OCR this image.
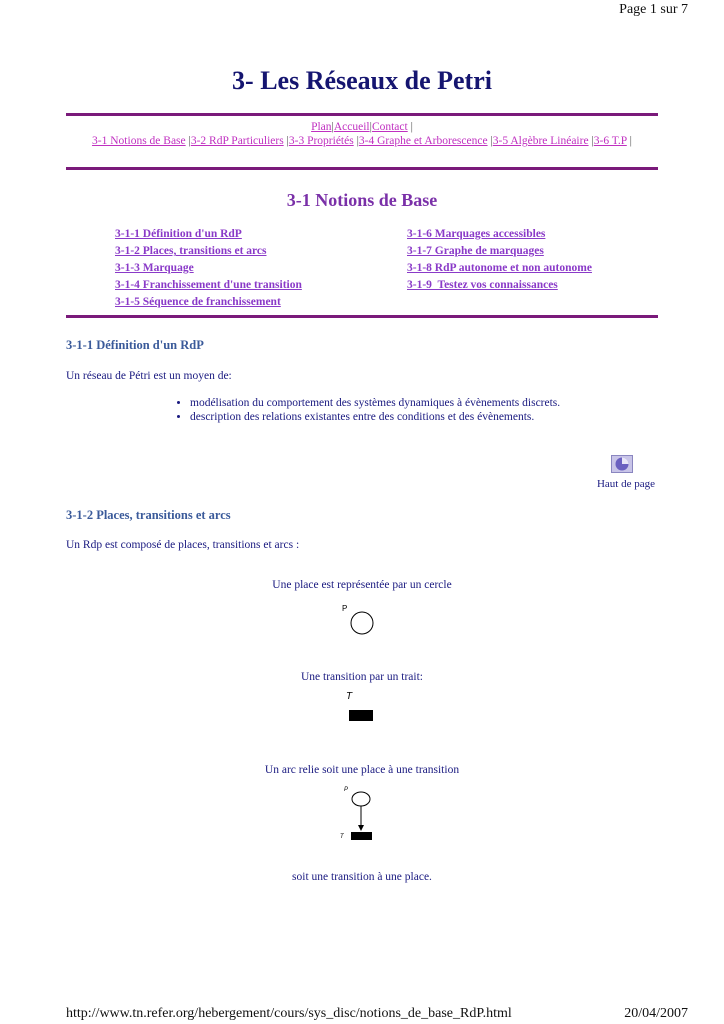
Page 1 sur 7
3- Les Réseaux de Petri
Plan|Accueil|Contact |
3-1 Notions de Base |3-2 RdP Particuliers |3-3 Propriétés |3-4 Graphe et Arborescence |3-5 Algèbre Linéaire |3-6 T.P |
3-1 Notions de Base
3-1-1 Définition d'un RdP
3-1-2 Places, transitions et arcs
3-1-3 Marquage
3-1-4 Franchissement d'une transition
3-1-5 Séquence de franchissement
3-1-6 Marquages accessibles
3-1-7 Graphe de marquages
3-1-8 RdP autonome et non autonome
3-1-9  Testez vos connaissances
3-1-1 Définition d'un RdP
Un réseau de Pétri est un moyen de:
• modélisation du comportement des systèmes dynamiques à évènements discrets.
• description des relations existantes entre des conditions et des évènements.
Haut de page
3-1-2 Places, transitions et arcs
Un Rdp est composé de places, transitions et arcs :
Une place est représentée par un cercle
P
Une transition par un trait:
T
Un arc relie soit une place à une transition
P
T
soit une transition à une place.
http://www.tn.refer.org/hebergement/cours/sys_disc/notions_de_base_RdP.html	20/04/2007
